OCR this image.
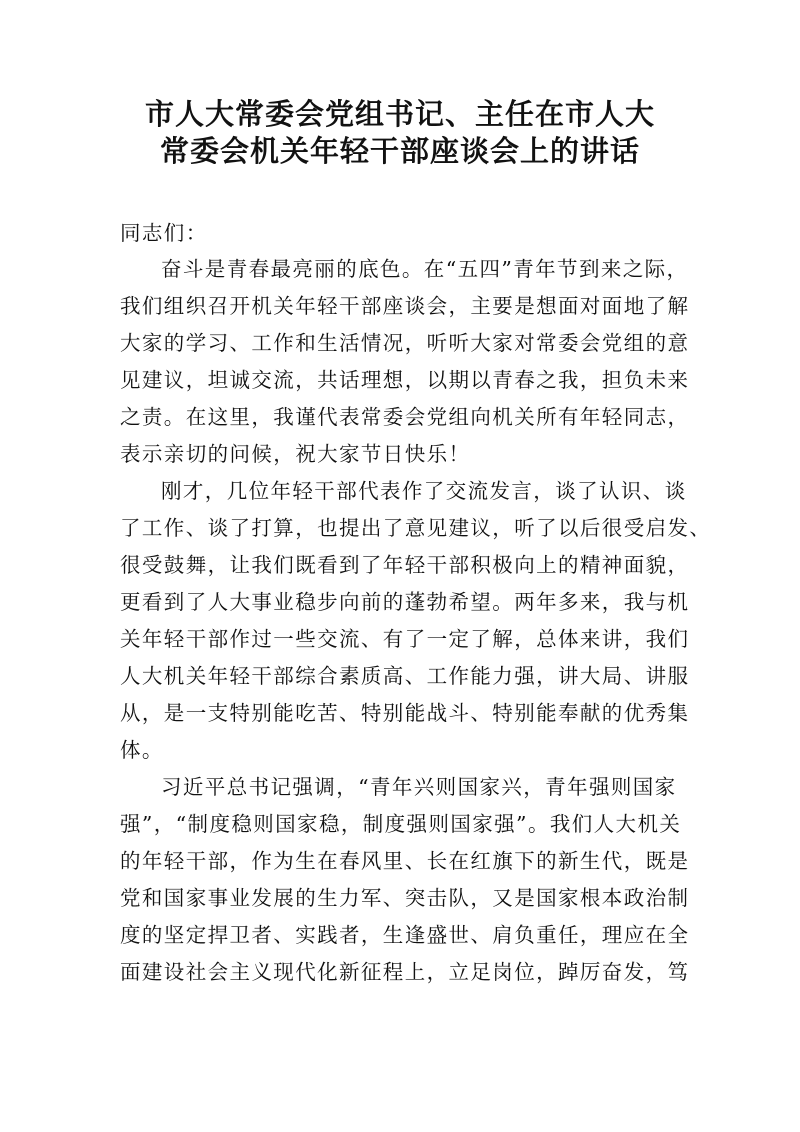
市人大常委会党组书记、主任在市人大
常委会机关年轻干部座谈会上的讲话

同志们：

奋斗是青春最亮丽的底色。在“五四”青年节到来之际，
我们组织召开机关年轻干部座谈会，主要是想面对面地了解
大家的学习、工作和生活情况，听听大家对常委会党组的意
见建议，坦诚交流，共话理想，以期以青春之我，担负未来
之责。在这里，我谨代表常委会党组向机关所有年轻同志，
表示亲切的问候，祝大家节日快乐！
刚才，几位年轻干部代表作了交流发言，谈了认识、谈
了工作、谈了打算，也提出了意见建议，听了以后很受启发、
很受鼓舞，让我们既看到了年轻干部积极向上的精神面貌，
更看到了人大事业稳步向前的蓬勃希望。两年多来，我与机
关年轻干部作过一些交流、有了一定了解，总体来讲，我们
人大机关年轻干部综合素质高、工作能力强，讲大局、讲服
从，是一支特别能吃苦、特别能战斗、特别能奉献的优秀集
体。
习近平总书记强调，“青年兴则国家兴，青年强则国家
强”，“制度稳则国家稳，制度强则国家强”。我们人大机关
的年轻干部，作为生在春风里、长在红旗下的新生代，既是
党和国家事业发展的生力军、突击队，又是国家根本政治制
度的坚定捍卫者、实践者，生逢盛世、肩负重任，理应在全
面建设社会主义现代化新征程上，立足岗位，踔厉奋发，笃
